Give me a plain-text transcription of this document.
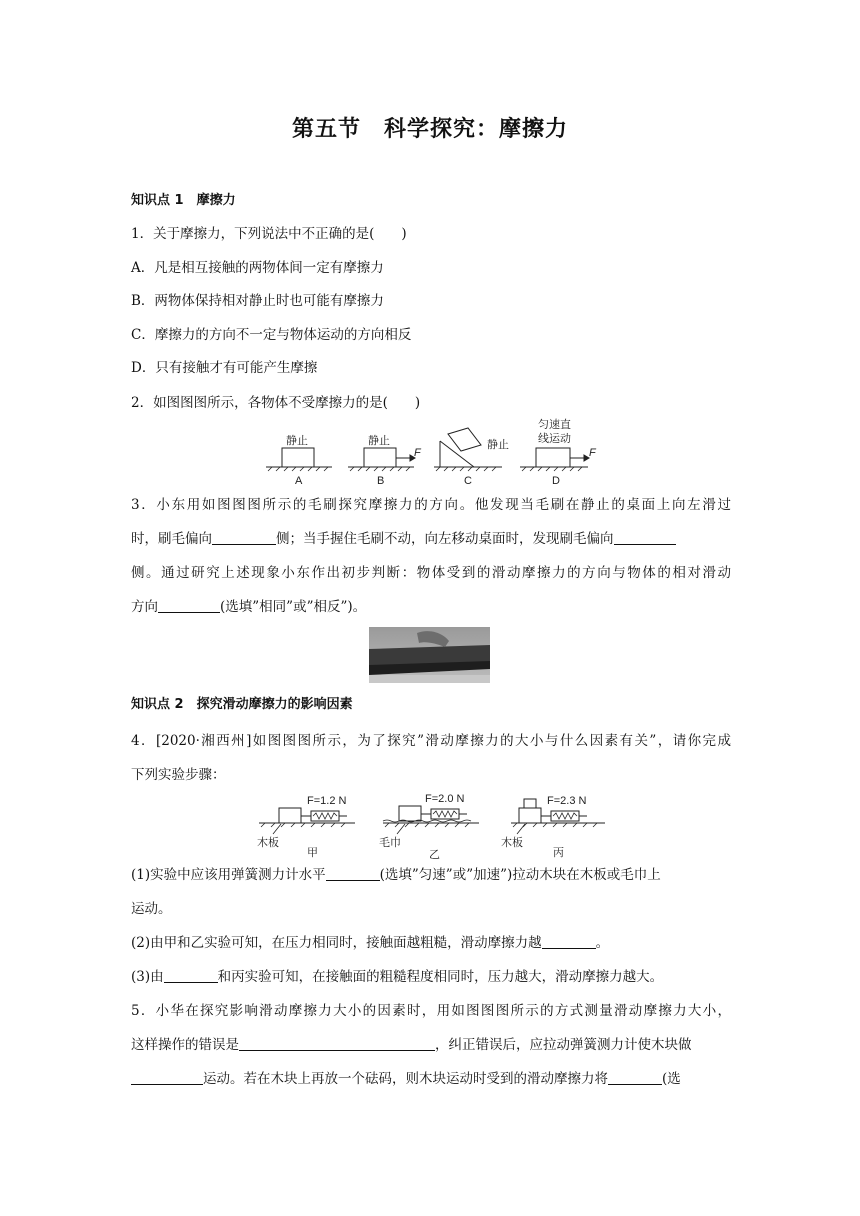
第五节　科学探究：摩擦力
知识点 1　摩擦力
1．关于摩擦力，下列说法中不正确的是(　　)
A．凡是相互接触的两物体间一定有摩擦力
B．两物体保持相对静止时也可能有摩擦力
C．摩擦力的方向不一定与物体运动的方向相反
D．只有接触才有可能产生摩擦
2．如图图图所示，各物体不受摩擦力的是(　　)
静止	静止	静止
匀速直
线运动
F	F
A	B	C	D
3．小东用如图图图所示的毛刷探究摩擦力的方向。他发现当毛刷在静止的桌面上向左滑过
时，刷毛偏向	侧；当手握住毛刷不动，向左移动桌面时，发现刷毛偏向
侧。通过研究上述现象小东作出初步判断：物体受到的滑动摩擦力的方向与物体的相对滑动
方向	(选填”相同”或”相反”)。
知识点 2　探究滑动摩擦力的影响因素
4．[2020·湘西州]如图图图所示，为了探究”滑动摩擦力的大小与什么因素有关”，请你完成
下列实验步骤：
F=1.2 N	F=2.0 N	F=2.3 N
木板	毛巾	木板
甲	乙	丙
(1)实验中应该用弹簧测力计水平	(选填”匀速”或”加速”)拉动木块在木板或毛巾上
运动。
(2)由甲和乙实验可知，在压力相同时，接触面越粗糙，滑动摩擦力越	。
(3)由	和丙实验可知，在接触面的粗糙程度相同时，压力越大，滑动摩擦力越大。
5．小华在探究影响滑动摩擦力大小的因素时，用如图图图所示的方式测量滑动摩擦力大小，
这样操作的错误是	，纠正错误后，应拉动弹簧测力计使木块做
运动。若在木块上再放一个砝码，则木块运动时受到的滑动摩擦力将	(选
